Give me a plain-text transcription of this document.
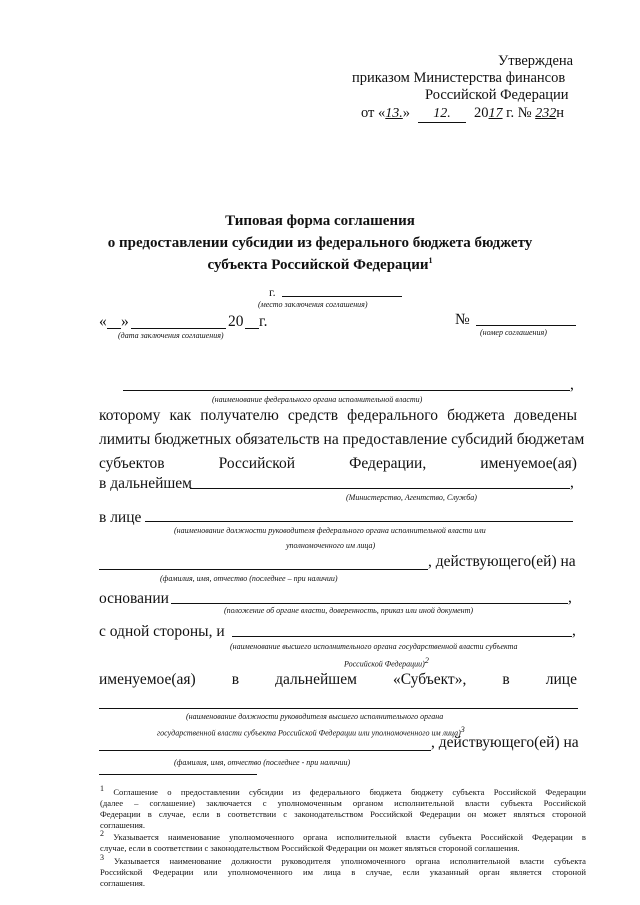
Утверждена
приказом Министерства финансов
Российской Федерации
от «13.» 12. 2017 г. № 232н
Типовая форма соглашения
о предоставлении субсидии из федерального бюджета бюджету
субъекта Российской Федерации$^1$
г.
(место заключения соглашения)
« »	20 г.
(дата заключения соглашения)
№
(номер соглашения)
,
(наименование федерального органа исполнительной власти)
которому как получателю средств федерального бюджета доведены
лимиты бюджетных обязательств на предоставление субсидий бюджетам
субъектов	Российской	Федерации,	именуемое(ая)
в дальнейшем	,
(Министерство, Агентство, Служба)
в лице
(наименование должности руководителя федерального органа исполнительной власти или
уполномоченного им лица)
, действующего(ей) на
(фамилия, имя, отчество (последнее – при наличии)
основании	,
(положение об органе власти, доверенность, приказ или иной документ)
с одной стороны, и	,
(наименование высшего исполнительного органа государственной власти субъекта
Российской Федерации)$^2$
именуемое(ая) в дальнейшем «Субъект», в лице
(наименование должности руководителя высшего исполнительного органа
государственной власти субъекта Российской Федерации или уполномоченного им лица)$^3$
, действующего(ей) на
(фамилия, имя, отчество (последнее - при наличии)
$^1$ Соглашение о предоставлении субсидии из федерального бюджета бюджету субъекта Российской Федерации
(далее – соглашение) заключается с уполномоченным органом исполнительной власти субъекта Российской
Федерации в случае, если в соответствии с законодательством Российской Федерации он может являться стороной
соглашения.
$^2$ Указывается наименование уполномоченного органа исполнительной власти субъекта Российской Федерации в
случае, если в соответствии с законодательством Российской Федерации он может являться стороной соглашения.
$^3$ Указывается наименование должности руководителя уполномоченного органа исполнительной власти субъекта
Российской Федерации или уполномоченного им лица в случае, если указанный орган является стороной
соглашения.
